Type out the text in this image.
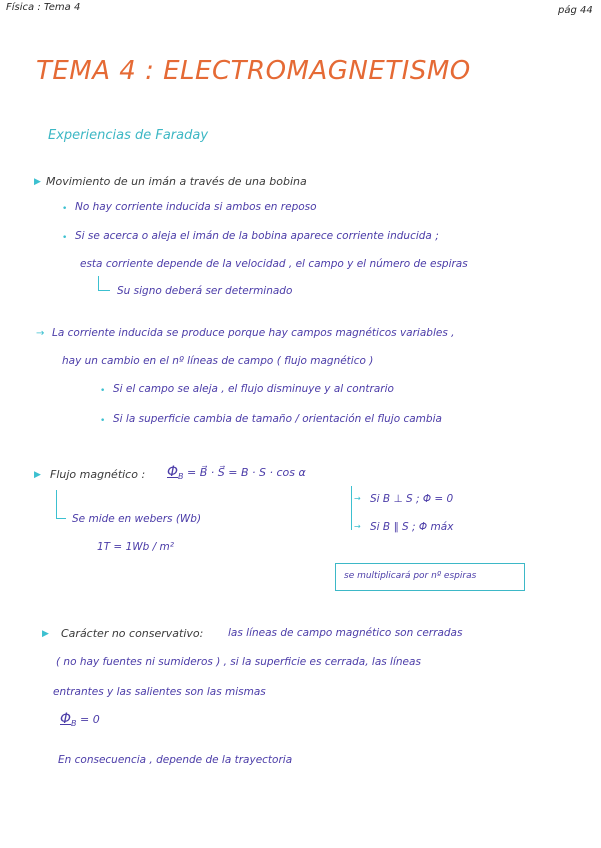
Física : Tema 4	pág 44
TEMA 4 : ELECTROMAGNETISMO
Experiencias de Faraday
▶ Movimiento de un imán a través de una bobina
• No hay corriente inducida si ambos en reposo
• Si se acerca o aleja el imán de la bobina aparece corriente inducida ;
esta corriente depende de la velocidad , el campo y el número de espiras
Su signo deberá ser determinado
→ La corriente inducida se produce porque hay campos magnéticos variables ,
hay un cambio en el nº líneas de campo ( flujo magnético )
• Si el campo se aleja , el flujo disminuye y al contrario
• Si la superficie cambia de tamaño / orientación el flujo cambia
▶ Flujo magnético : $\Phi_B$ = B⃗ · S⃗ = B · S · cos α
Se mide en webers (Wb)
1T = 1Wb / m²
→ Si B ⊥ S ; Φ = 0
→ Si B ∥ S ; Φ máx
se multiplicará por nº espiras
▶ Carácter no conservativo: las líneas de campo magnético son cerradas
( no hay fuentes ni sumideros ) , si la superficie es cerrada, las líneas
entrantes y las salientes son las mismas
$\Phi_B = 0$
En consecuencia , depende de la trayectoria
